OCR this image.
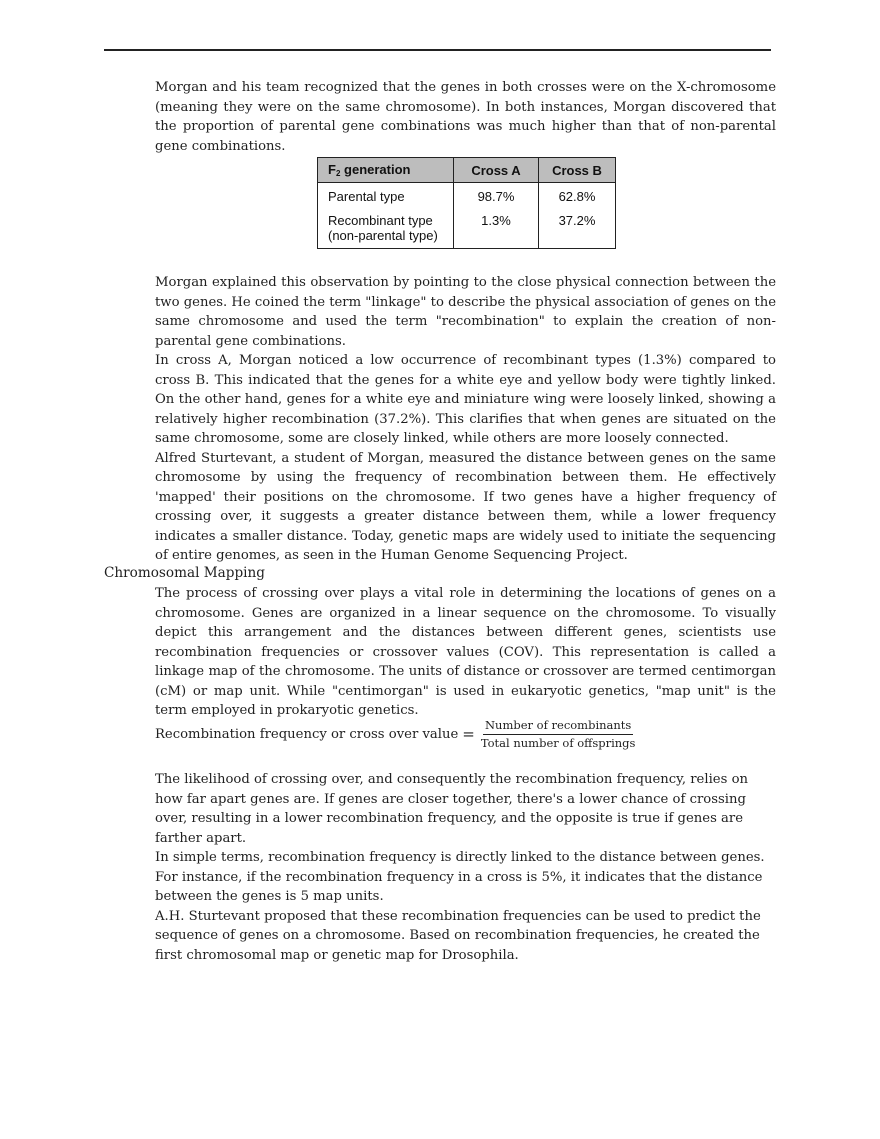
Morgan and his team recognized that the genes in both crosses were on the X-chromosome (meaning they were on the same chromosome). In both instances, Morgan discovered that the proportion of parental gene combinations was much higher than that of non-parental gene combinations.

$F_2$ generation	Cross A	Cross B
Parental type	98.7%	62.8%
Recombinant type
(non-parental type)	1.3%	37.2%

Morgan explained this observation by pointing to the close physical connection between the two genes. He coined the term "linkage" to describe the physical association of genes on the same chromosome and used the term "recombination" to explain the creation of non-parental gene combinations.

In cross A, Morgan noticed a low occurrence of recombinant types (1.3%) compared to cross B. This indicated that the genes for a white eye and yellow body were tightly linked. On the other hand, genes for a white eye and miniature wing were loosely linked, showing a relatively higher recombination (37.2%). This clarifies that when genes are situated on the same chromosome, some are closely linked, while others are more loosely connected.

Alfred Sturtevant, a student of Morgan, measured the distance between genes on the same chromosome by using the frequency of recombination between them. He effectively 'mapped' their positions on the chromosome. If two genes have a higher frequency of crossing over, it suggests a greater distance between them, while a lower frequency indicates a smaller distance. Today, genetic maps are widely used to initiate the sequencing of entire genomes, as seen in the Human Genome Sequencing Project.

Chromosomal Mapping

The process of crossing over plays a vital role in determining the locations of genes on a chromosome. Genes are organized in a linear sequence on the chromosome. To visually depict this arrangement and the distances between different genes, scientists use recombination frequencies or crossover values (COV). This representation is called a linkage map of the chromosome. The units of distance or crossover are termed centimorgan (cM) or map unit. While "centimorgan" is used in eukaryotic genetics, "map unit" is the term employed in prokaryotic genetics.

Recombination frequency or cross over value = $\frac{\text{Number of recombinants}}{\text{Total number of offsprings}}$

The likelihood of crossing over, and consequently the recombination frequency, relies on how far apart genes are. If genes are closer together, there's a lower chance of crossing over, resulting in a lower recombination frequency, and the opposite is true if genes are farther apart.

In simple terms, recombination frequency is directly linked to the distance between genes. For instance, if the recombination frequency in a cross is 5%, it indicates that the distance between the genes is 5 map units.

A.H. Sturtevant proposed that these recombination frequencies can be used to predict the sequence of genes on a chromosome. Based on recombination frequencies, he created the first chromosomal map or genetic map for Drosophila.
